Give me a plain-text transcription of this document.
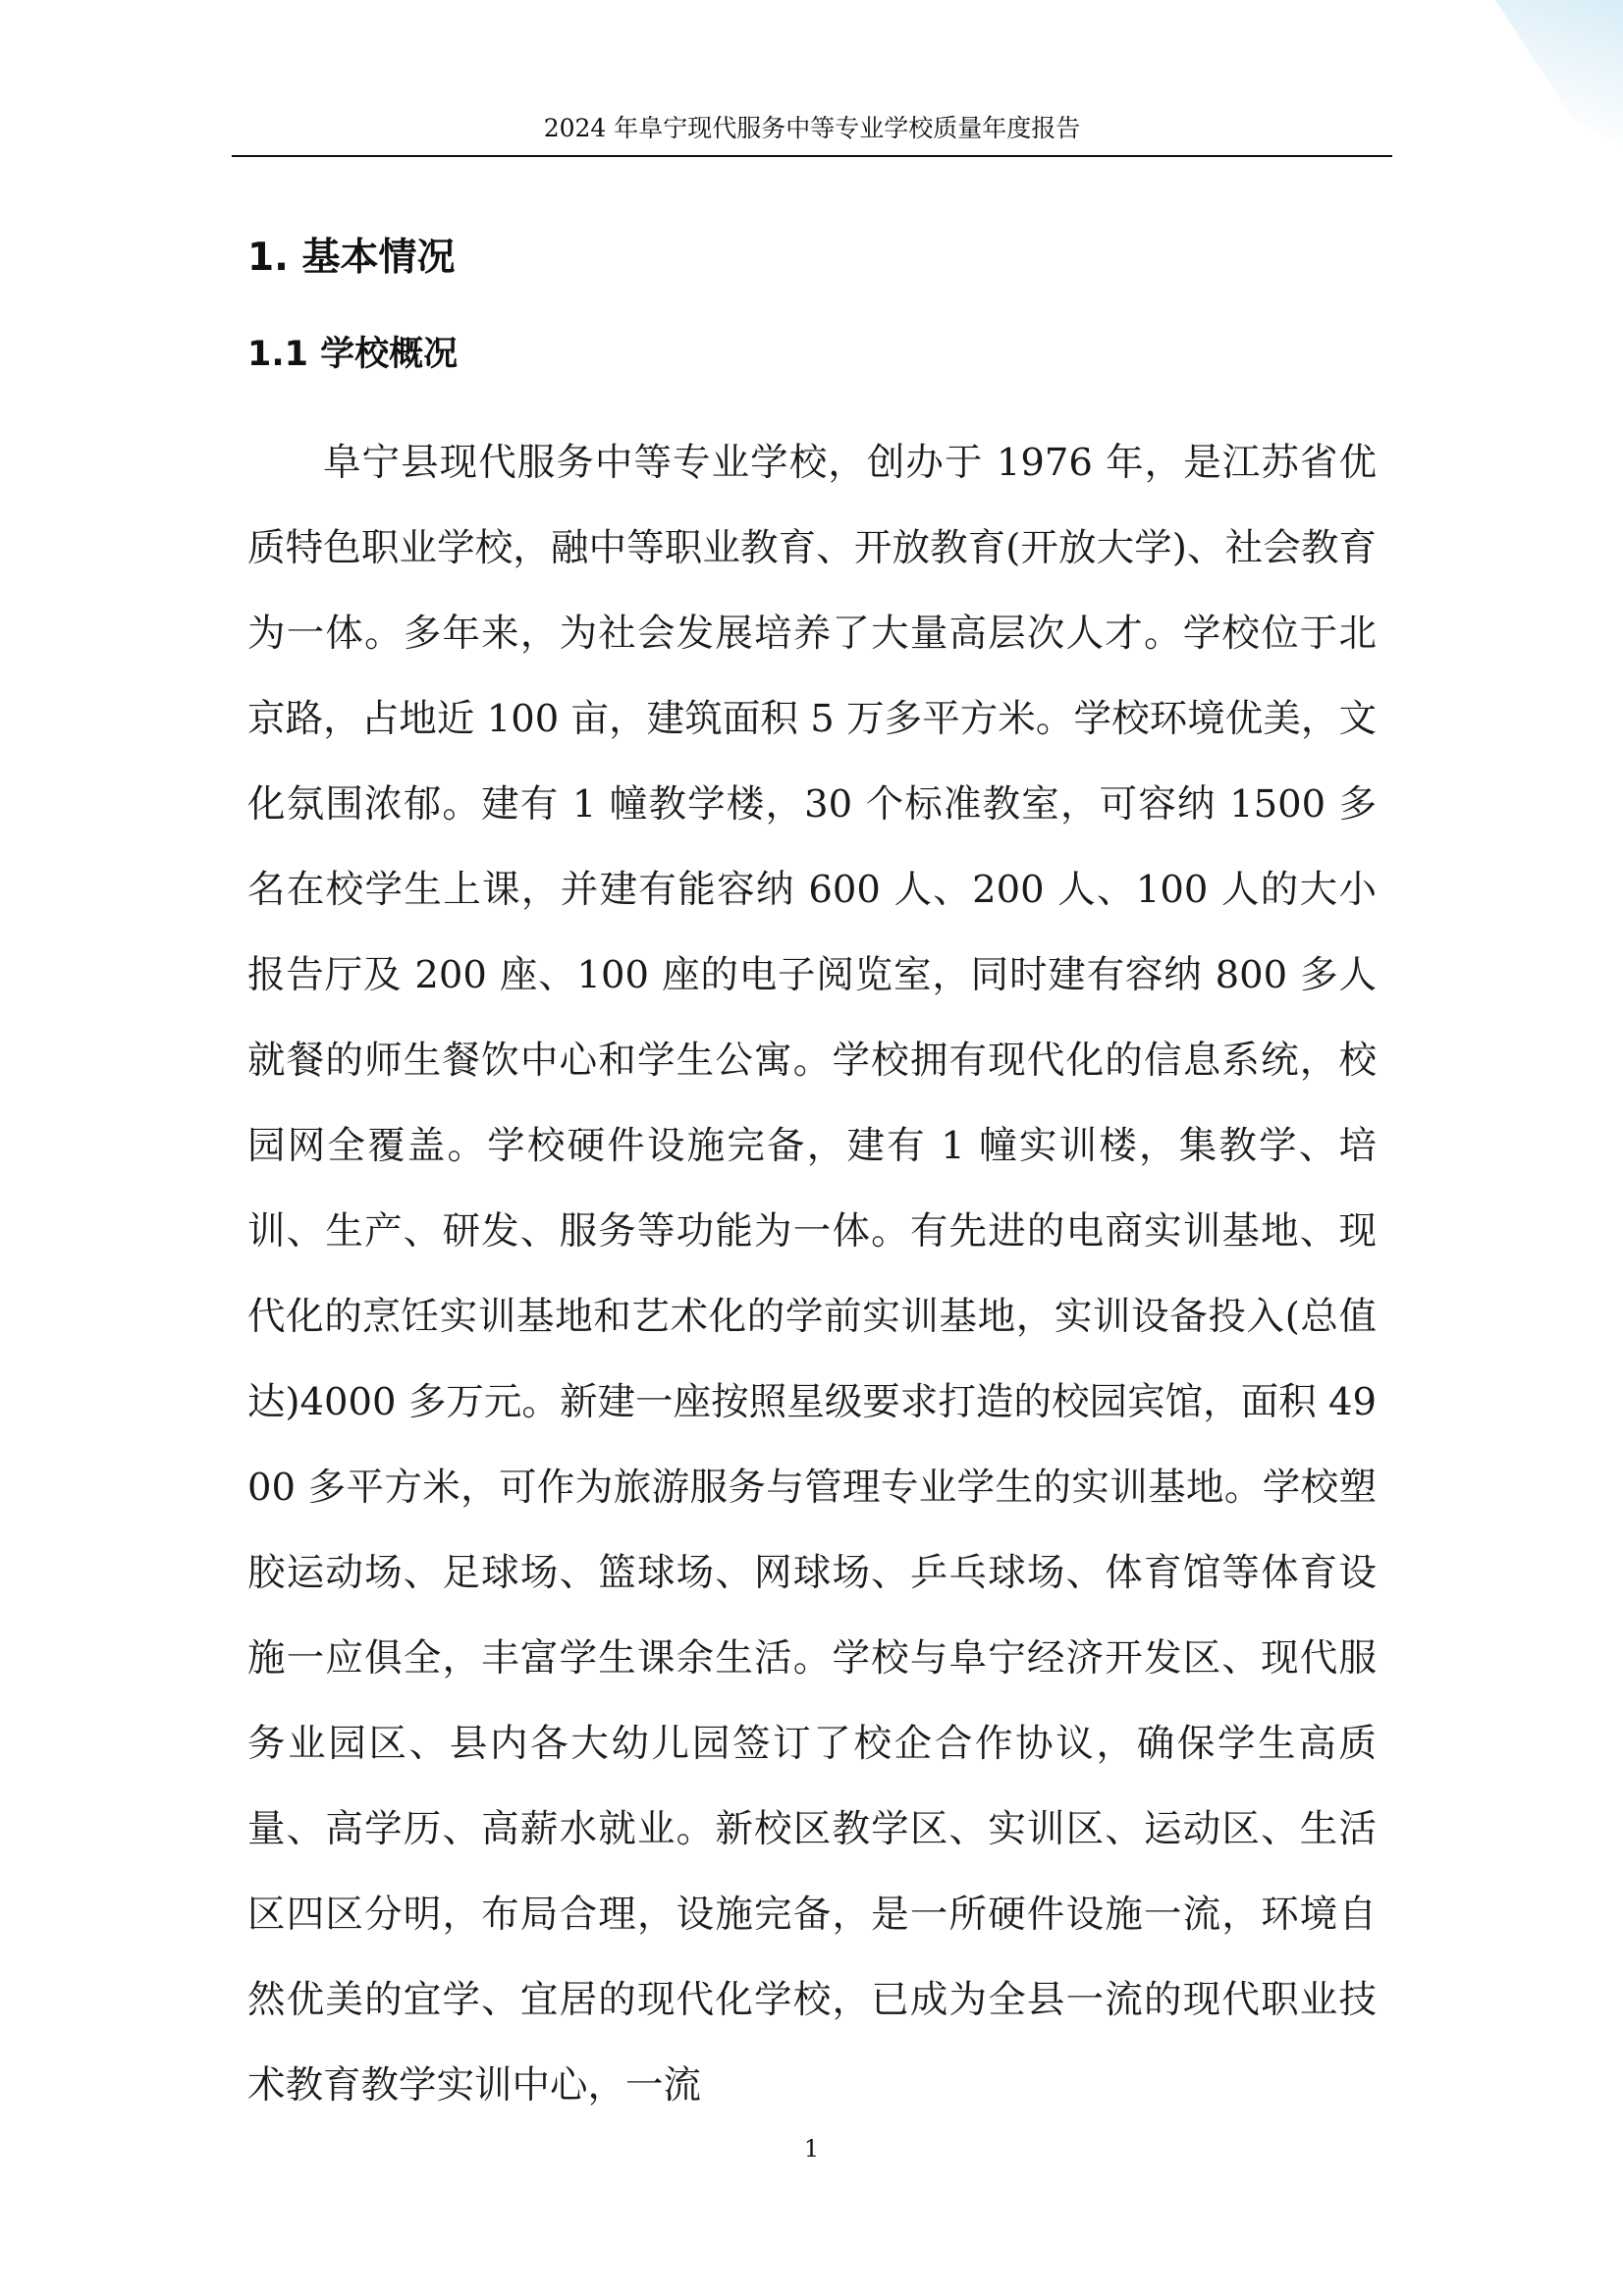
2024 年阜宁现代服务中等专业学校质量年度报告
1. 基本情况
1.1 学校概况

阜宁县现代服务中等专业学校，创办于 1976 年，是江苏省优质特色职业学校，融中等职业教育、开放教育(开放大学)、社会教育为一体。多年来，为社会发展培养了大量高层次人才。学校位于北京路，占地近 100 亩，建筑面积 5 万多平方米。学校环境优美，文化氛围浓郁。建有 1 幢教学楼，30 个标准教室，可容纳 1500 多名在校学生上课，并建有能容纳 600 人、200 人、100 人的大小报告厅及 200 座、100 座的电子阅览室，同时建有容纳 800 多人就餐的师生餐饮中心和学生公寓。学校拥有现代化的信息系统，校园网全覆盖。学校硬件设施完备，建有 1 幢实训楼，集教学、培训、生产、研发、服务等功能为一体。有先进的电商实训基地、现代化的烹饪实训基地和艺术化的学前实训基地，实训设备投入(总值达)4000 多万元。新建一座按照星级要求打造的校园宾馆，面积 4900 多平方米，可作为旅游服务与管理专业学生的实训基地。学校塑胶运动场、足球场、篮球场、网球场、乒乓球场、体育馆等体育设施一应俱全，丰富学生课余生活。学校与阜宁经济开发区、现代服务业园区、县内各大幼儿园签订了校企合作协议，确保学生高质量、高学历、高薪水就业。新校区教学区、实训区、运动区、生活区四区分明，布局合理，设施完备，是一所硬件设施一流，环境自然优美的宜学、宜居的现代化学校，已成为全县一流的现代职业技术教育教学实训中心，一流

1
